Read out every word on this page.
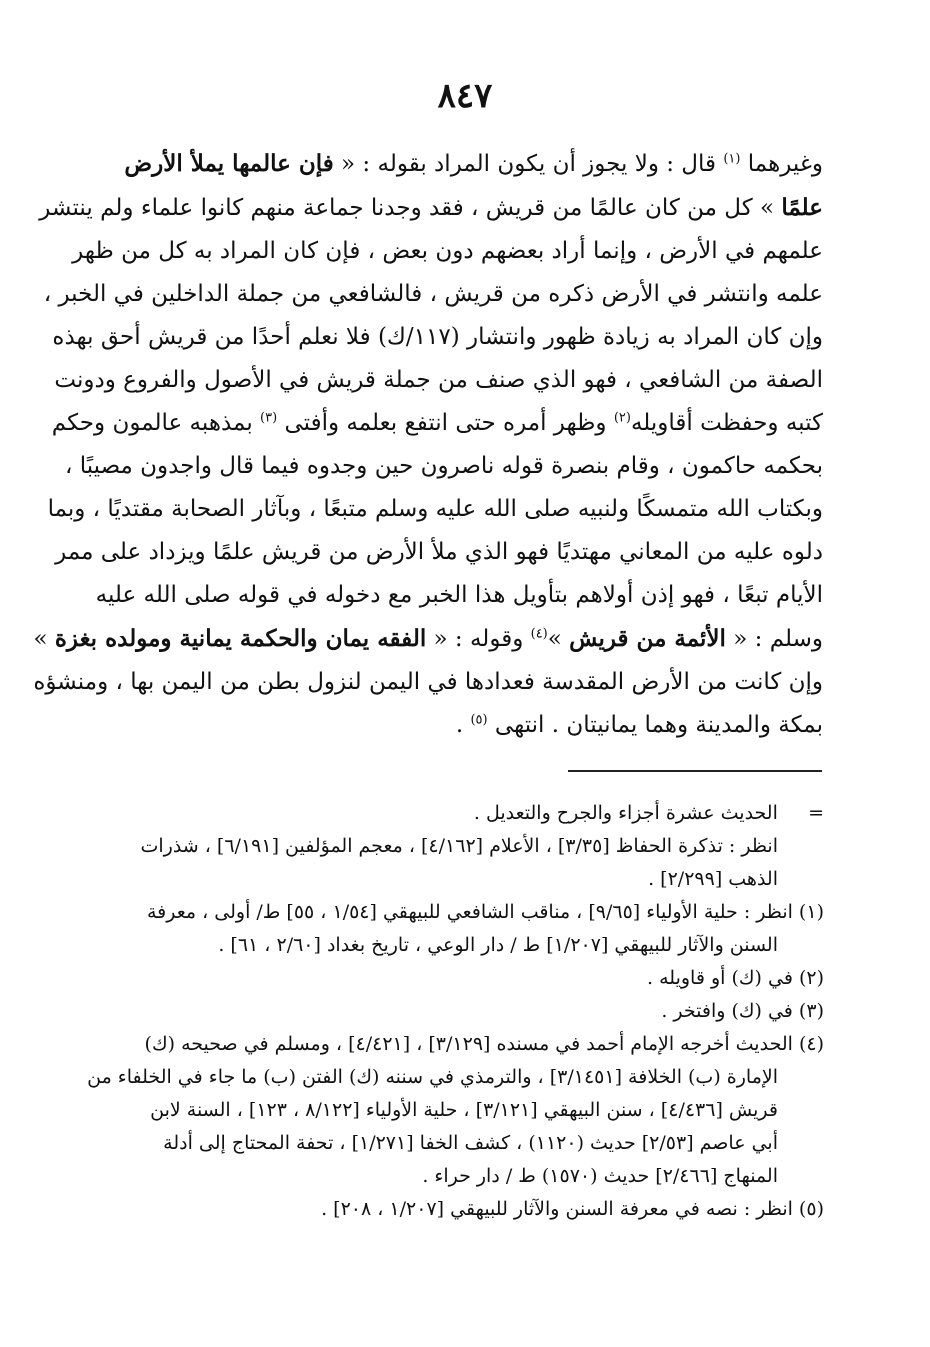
٨٤٧
وغيرهما $^{(١)}$ قال : ولا يجوز أن يكون المراد بقوله : « فإن عالمها يملأ الأرض
علمًا » كل من كان عالمًا من قريش ، فقد وجدنا جماعة منهم كانوا علماء ولم ينتشر
علمهم في الأرض ، وإنما أراد بعضهم دون بعض ، فإن كان المراد به كل من ظهر
علمه وانتشر في الأرض ذكره من قريش ، فالشافعي من جملة الداخلين في الخبر ،
وإن كان المراد به زيادة ظهور وانتشار (١١٧/ك) فلا نعلم أحدًا من قريش أحق بهذه
الصفة من الشافعي ، فهو الذي صنف من جملة قريش في الأصول والفروع ودونت
كتبه وحفظت أقاويله$^{(٢)}$ وظهر أمره حتى انتفع بعلمه وأفتى $^{(٣)}$ بمذهبه عالمون وحكم
بحكمه حاكمون ، وقام بنصرة قوله ناصرون حين وجدوه فيما قال واجدون مصيبًا ،
وبكتاب الله متمسكًا ولنبيه صلى الله عليه وسلم متبعًا ، وبآثار الصحابة مقتديًا ، وبما
دلوه عليه من المعاني مهتديًا فهو الذي ملأ الأرض من قريش علمًا ويزداد على ممر
الأيام تبعًا ، فهو إذن أولاهم بتأويل هذا الخبر مع دخوله في قوله صلى الله عليه
وسلم : « الأئمة من قريش »$^{(٤)}$ وقوله : « الفقه يمان والحكمة يمانية ومولده بغزة »
وإن كانت من الأرض المقدسة فعدادها في اليمن لنزول بطن من اليمن بها ، ومنشؤه
بمكة والمدينة وهما يمانيتان . انتهى $^{(٥)}$ .
=     الحديث عشرة أجزاء والجرح والتعديل .
انظر : تذكرة الحفاظ [٣/٣٥] ، الأعلام [٤/١٦٢] ، معجم المؤلفين [٦/١٩١] ، شذرات
الذهب [٢/٢٩٩] .
(١) انظر : حلية الأولياء [٩/٦٥] ، مناقب الشافعي للبيهقي [١/٥٤ ، ٥٥] ط/ أولى ، معرفة
السنن والآثار للبيهقي [١/٢٠٧] ط / دار الوعي ، تاريخ بغداد [٢/٦٠ ، ٦١] .
(٢) في (ك) أو قاويله .
(٣) في (ك) وافتخر .
(٤) الحديث أخرجه الإمام أحمد في مسنده [٣/١٢٩] ، [٤/٤٢١] ، ومسلم في صحيحه (ك)
الإمارة (ب) الخلافة [٣/١٤٥١] ، والترمذي في سننه (ك) الفتن (ب) ما جاء في الخلفاء من
قريش [٤/٤٣٦] ، سنن البيهقي [٣/١٢١] ، حلية الأولياء [٨/١٢٢ ، ١٢٣] ، السنة لابن
أبي عاصم [٢/٥٣] حديث (١١٢٠) ، كشف الخفا [١/٢٧١] ، تحفة المحتاج إلى أدلة
المنهاج [٢/٤٦٦] حديث (١٥٧٠) ط / دار حراء .
(٥) انظر : نصه في معرفة السنن والآثار للبيهقي [١/٢٠٧ ، ٢٠٨] .
